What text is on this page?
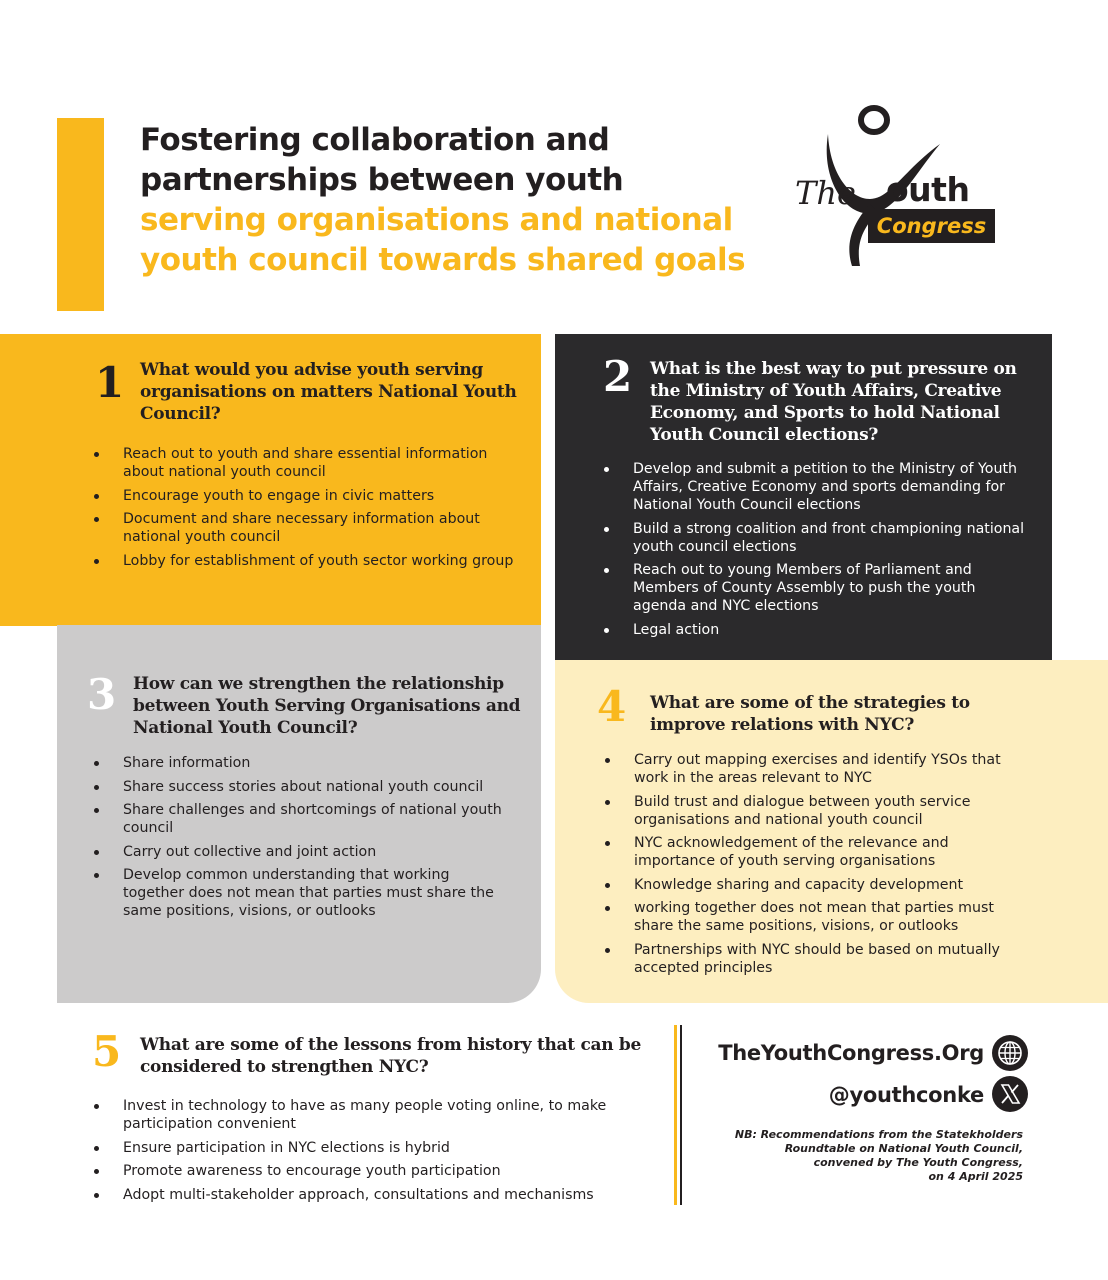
Fostering collaboration and
partnerships between youth
serving organisations and national
youth council towards shared goals
The outh
Congress
1 What would you advise youth serving organisations on matters National Youth Council?
Reach out to youth and share essential information about national youth council
Encourage youth to engage in civic matters
Document and share necessary information about national youth council
Lobby for establishment of youth sector working group
2 What is the best way to put pressure on the Ministry of Youth Affairs, Creative Economy, and Sports to hold National Youth Council elections?
Develop and submit a petition to the Ministry of Youth Affairs, Creative Economy and sports demanding for National Youth Council elections
Build a strong coalition and front championing national youth council elections
Reach out to young Members of Parliament and Members of County Assembly to push the youth agenda and NYC elections
Legal action
3 How can we strengthen the relationship between Youth Serving Organisations and National Youth Council?
Share information
Share success stories about national youth council
Share challenges and shortcomings of national youth council
Carry out collective and joint action
Develop common understanding that working together does not mean that parties must share the same positions, visions, or outlooks
4 What are some of the strategies to improve relations with NYC?
Carry out mapping exercises and identify YSOs that work in the areas relevant to NYC
Build trust and dialogue between youth service organisations and national youth council
NYC acknowledgement of the relevance and importance of youth serving organisations
Knowledge sharing and capacity development
working together does not mean that parties must share the same positions, visions, or outlooks
Partnerships with NYC should be based on mutually accepted principles
5 What are some of the lessons from history that can be considered to strengthen NYC?
Invest in technology to have as many people voting online, to make participation convenient
Ensure participation in NYC elections is hybrid
Promote awareness to encourage youth participation
Adopt multi-stakeholder approach, consultations and mechanisms
TheYouthCongress.Org
@youthconke
NB: Recommendations from the Statekholders
Roundtable on National Youth Council,
convened by The Youth Congress,
on 4 April 2025
